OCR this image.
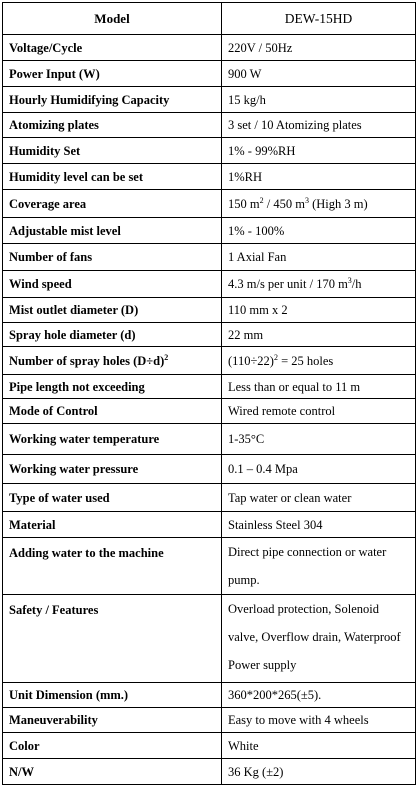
Model	DEW-15HD
Voltage/Cycle	220V / 50Hz
Power Input (W)	900 W
Hourly Humidifying Capacity	15 kg/h
Atomizing plates	3 set / 10 Atomizing plates
Humidity Set	1% - 99%RH
Humidity level can be set	1%RH
Coverage area	150 $m^2 / 450$ $m^3$ (High 3 m)
Adjustable mist level	1% - 100%
Number of fans	1 Axial Fan
Wind speed	4.3 m/s per unit / 170 $m^3/h$
Mist outlet diameter (D)	110 mm x 2
Spray hole diameter (d)	22 mm
Number of spray holes $(D\div d)^2$	$(110\div 22)^2 = 25$ holes
Pipe length not exceeding	Less than or equal to 11 m
Mode of Control	Wired remote control
Working water temperature	1-35°C
Working water pressure	0.1 – 0.4 Mpa
Type of water used	Tap water or clean water
Material	Stainless Steel 304
Adding water to the machine	Direct pipe connection or water pump.
Safety / Features	Overload protection, Solenoid valve, Overflow drain, Waterproof Power supply
Unit Dimension (mm.)	360*200*265(±5).
Maneuverability	Easy to move with 4 wheels
Color	White
N/W	36 Kg (±2)
